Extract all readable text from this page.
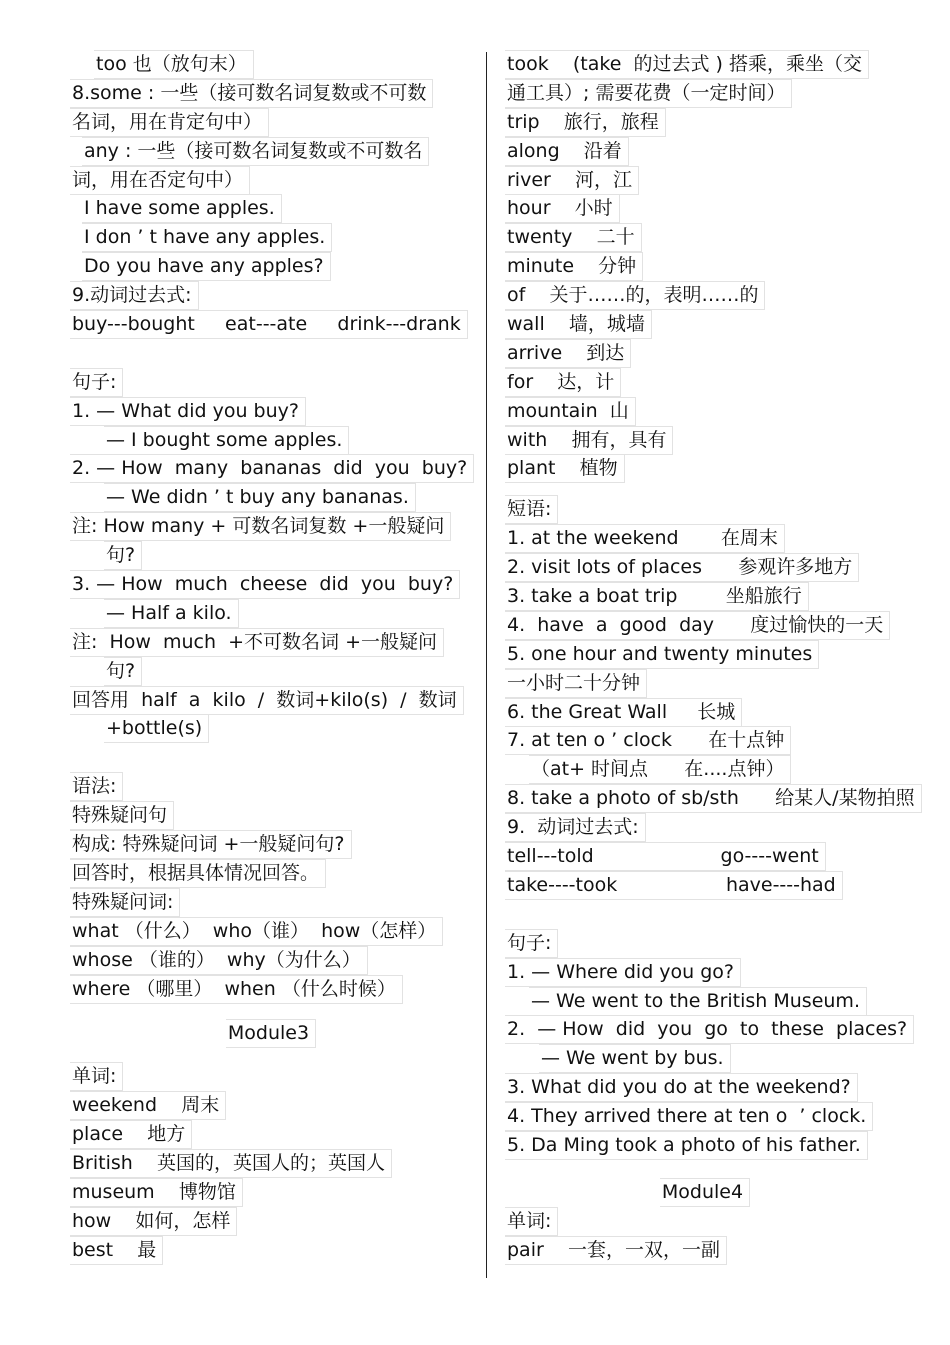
too 也（放句末）
8.some : 一些（接可数名词复数或不可数
名词，用在肯定句中）
any : 一些（接可数名词复数或不可数名
词，用在否定句中）
I have some apples.
I don ’ t have any apples.
Do you have any apples?
9.动词过去式:
buy---bought     eat---ate     drink---drank
句子:
1. — What did you buy?
— I bought some apples.
2. — How  many  bananas  did  you  buy?
— We didn ’ t buy any bananas.
注: How many + 可数名词复数 +一般疑问
句?
3. — How  much  cheese  did  you  buy?
— Half a kilo.
注:  How  much  +不可数名词 +一般疑问
句?
回答用  half  a  kilo  /  数词+kilo(s)  /  数词
+bottle(s)
语法:
特殊疑问句
构成: 特殊疑问词 +一般疑问句?
回答时，根据具体情况回答。
特殊疑问词:
what （什么）  who（谁）  how（怎样）
whose （谁的）  why（为什么）
where （哪里）  when （什么时候）
Module3
单词:
weekend    周末
place    地方
British    英国的，英国人的；英国人
museum    博物馆
how    如何，怎样
best    最
took    (take  的过去式 ) 搭乘，乘坐（交
通工具）; 需要花费（一定时间）
trip    旅行，旅程
along    沿着
river    河，江
hour    小时
twenty    二十
minute    分钟
of    关于……的，表明……的
wall    墙，城墙
arrive    到达
for    达，计
mountain  山
with    拥有，具有
plant    植物
短语:
1. at the weekend       在周末
2. visit lots of places      参观许多地方
3. take a boat trip        坐船旅行
4.  have  a  good  day      度过愉快的一天
5. one hour and twenty minutes
一小时二十分钟
6. the Great Wall     长城
7. at ten o ’ clock      在十点钟
（at+ 时间点      在....点钟）
8. take a photo of sb/sth      给某人/某物拍照
9.  动词过去式:
tell---told                     go----went
take----took                  have----had
句子:
1. — Where did you go?
— We went to the British Museum.
2.  — How  did  you  go  to  these  places?
— We went by bus.
3. What did you do at the weekend?
4. They arrived there at ten o  ’ clock.
5. Da Ming took a photo of his father.
Module4
单词:
pair    一套，一双，一副
